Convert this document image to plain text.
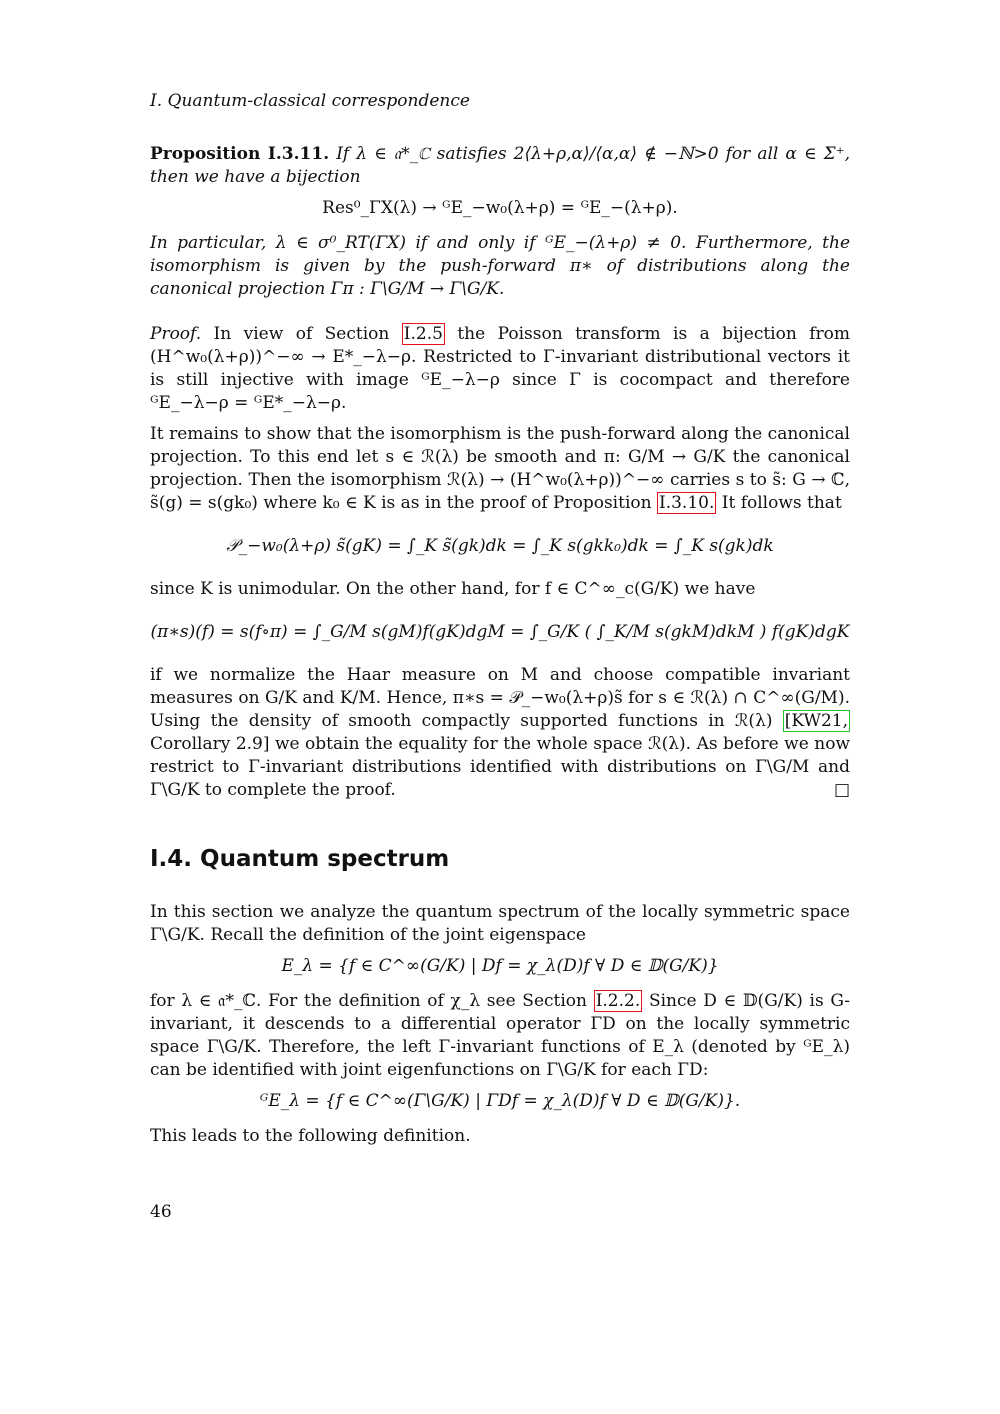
I. Quantum-classical correspondence

Proposition I.3.11. If λ ∈ 𝔞*_ℂ satisfies 2⟨λ+ρ,α⟩/⟨α,α⟩ ∉ −ℕ>0 for all α ∈ Σ⁺, then we have a bijection

Res⁰_ΓX(λ) → ᴳE_−w₀(λ+ρ) = ᴳE_−(λ+ρ).

In particular, λ ∈ σ⁰_RT(ΓX) if and only if ᴳE_−(λ+ρ) ≠ 0. Furthermore, the isomorphism is given by the push-forward π∗ of distributions along the canonical projection Γπ : Γ\G/M → Γ\G/K.

Proof. In view of Section I.2.5 the Poisson transform is a bijection from (H^w₀(λ+ρ))^−∞ → E*_−λ−ρ. Restricted to Γ-invariant distributional vectors it is still injective with image ᴳE_−λ−ρ since Γ is cocompact and therefore ᴳE_−λ−ρ = ᴳE*_−λ−ρ.

It remains to show that the isomorphism is the push-forward along the canonical projection. To this end let s ∈ ℛ(λ) be smooth and π: G/M → G/K the canonical projection. Then the isomorphism ℛ(λ) → (H^w₀(λ+ρ))^−∞ carries s to s̃: G → ℂ, s̃(g) = s(gk₀) where k₀ ∈ K is as in the proof of Proposition I.3.10. It follows that

𝒫_−w₀(λ+ρ) s̃(gK) = ∫_K s̃(gk)dk = ∫_K s(gkk₀)dk = ∫_K s(gk)dk

since K is unimodular. On the other hand, for f ∈ C^∞_c(G/K) we have

(π∗s)(f) = s(f∘π) = ∫_G/M s(gM)f(gK)dgM = ∫_G/K ( ∫_K/M s(gkM)dkM ) f(gK)dgK

if we normalize the Haar measure on M and choose compatible invariant measures on G/K and K/M. Hence, π∗s = 𝒫_−w₀(λ+ρ)s̃ for s ∈ ℛ(λ) ∩ C^∞(G/M). Using the density of smooth compactly supported functions in ℛ(λ) [KW21, Corollary 2.9] we obtain the equality for the whole space ℛ(λ). As before we now restrict to Γ-invariant distributions identified with distributions on Γ\G/M and Γ\G/K to complete the proof.	□

I.4. Quantum spectrum

In this section we analyze the quantum spectrum of the locally symmetric space Γ\G/K. Recall the definition of the joint eigenspace

E_λ = {f ∈ C^∞(G/K) | Df = χ_λ(D)f ∀ D ∈ 𝔻(G/K)}

for λ ∈ 𝔞*_ℂ. For the definition of χ_λ see Section I.2.2. Since D ∈ 𝔻(G/K) is G-invariant, it descends to a differential operator ΓD on the locally symmetric space Γ\G/K. Therefore, the left Γ-invariant functions of E_λ (denoted by ᴳE_λ) can be identified with joint eigenfunctions on Γ\G/K for each ΓD:

ᴳE_λ = {f ∈ C^∞(Γ\G/K) | ΓDf = χ_λ(D)f ∀ D ∈ 𝔻(G/K)}.

This leads to the following definition.

46
